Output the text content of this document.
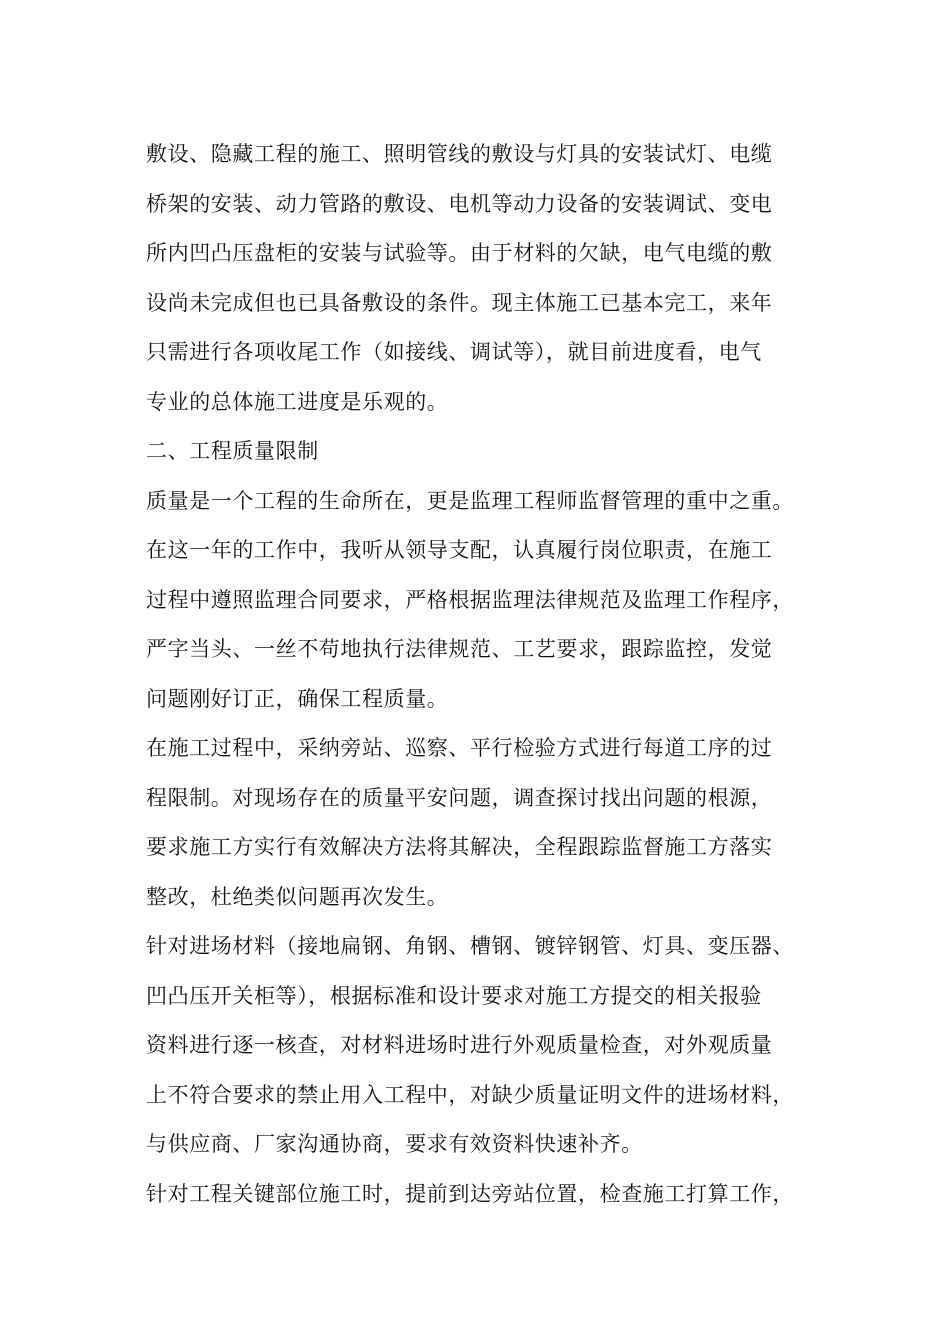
敷设、隐藏工程的施工、照明管线的敷设与灯具的安装试灯、电缆
桥架的安装、动力管路的敷设、电机等动力设备的安装调试、变电
所内凹凸压盘柜的安装与试验等。由于材料的欠缺，电气电缆的敷
设尚未完成但也已具备敷设的条件。现主体施工已基本完工，来年
只需进行各项收尾工作（如接线、调试等），就目前进度看，电气
专业的总体施工进度是乐观的。
二、工程质量限制
质量是一个工程的生命所在，更是监理工程师监督管理的重中之重。
在这一年的工作中，我听从领导支配，认真履行岗位职责，在施工
过程中遵照监理合同要求，严格根据监理法律规范及监理工作程序，
严字当头、一丝不苟地执行法律规范、工艺要求，跟踪监控，发觉
问题刚好订正，确保工程质量。
在施工过程中，采纳旁站、巡察、平行检验方式进行每道工序的过
程限制。对现场存在的质量平安问题，调查探讨找出问题的根源，
要求施工方实行有效解决方法将其解决，全程跟踪监督施工方落实
整改，杜绝类似问题再次发生。
针对进场材料（接地扁钢、角钢、槽钢、镀锌钢管、灯具、变压器、
凹凸压开关柜等），根据标准和设计要求对施工方提交的相关报验
资料进行逐一核查，对材料进场时进行外观质量检查，对外观质量
上不符合要求的禁止用入工程中，对缺少质量证明文件的进场材料，
与供应商、厂家沟通协商，要求有效资料快速补齐。
针对工程关键部位施工时，提前到达旁站位置，检查施工打算工作，
